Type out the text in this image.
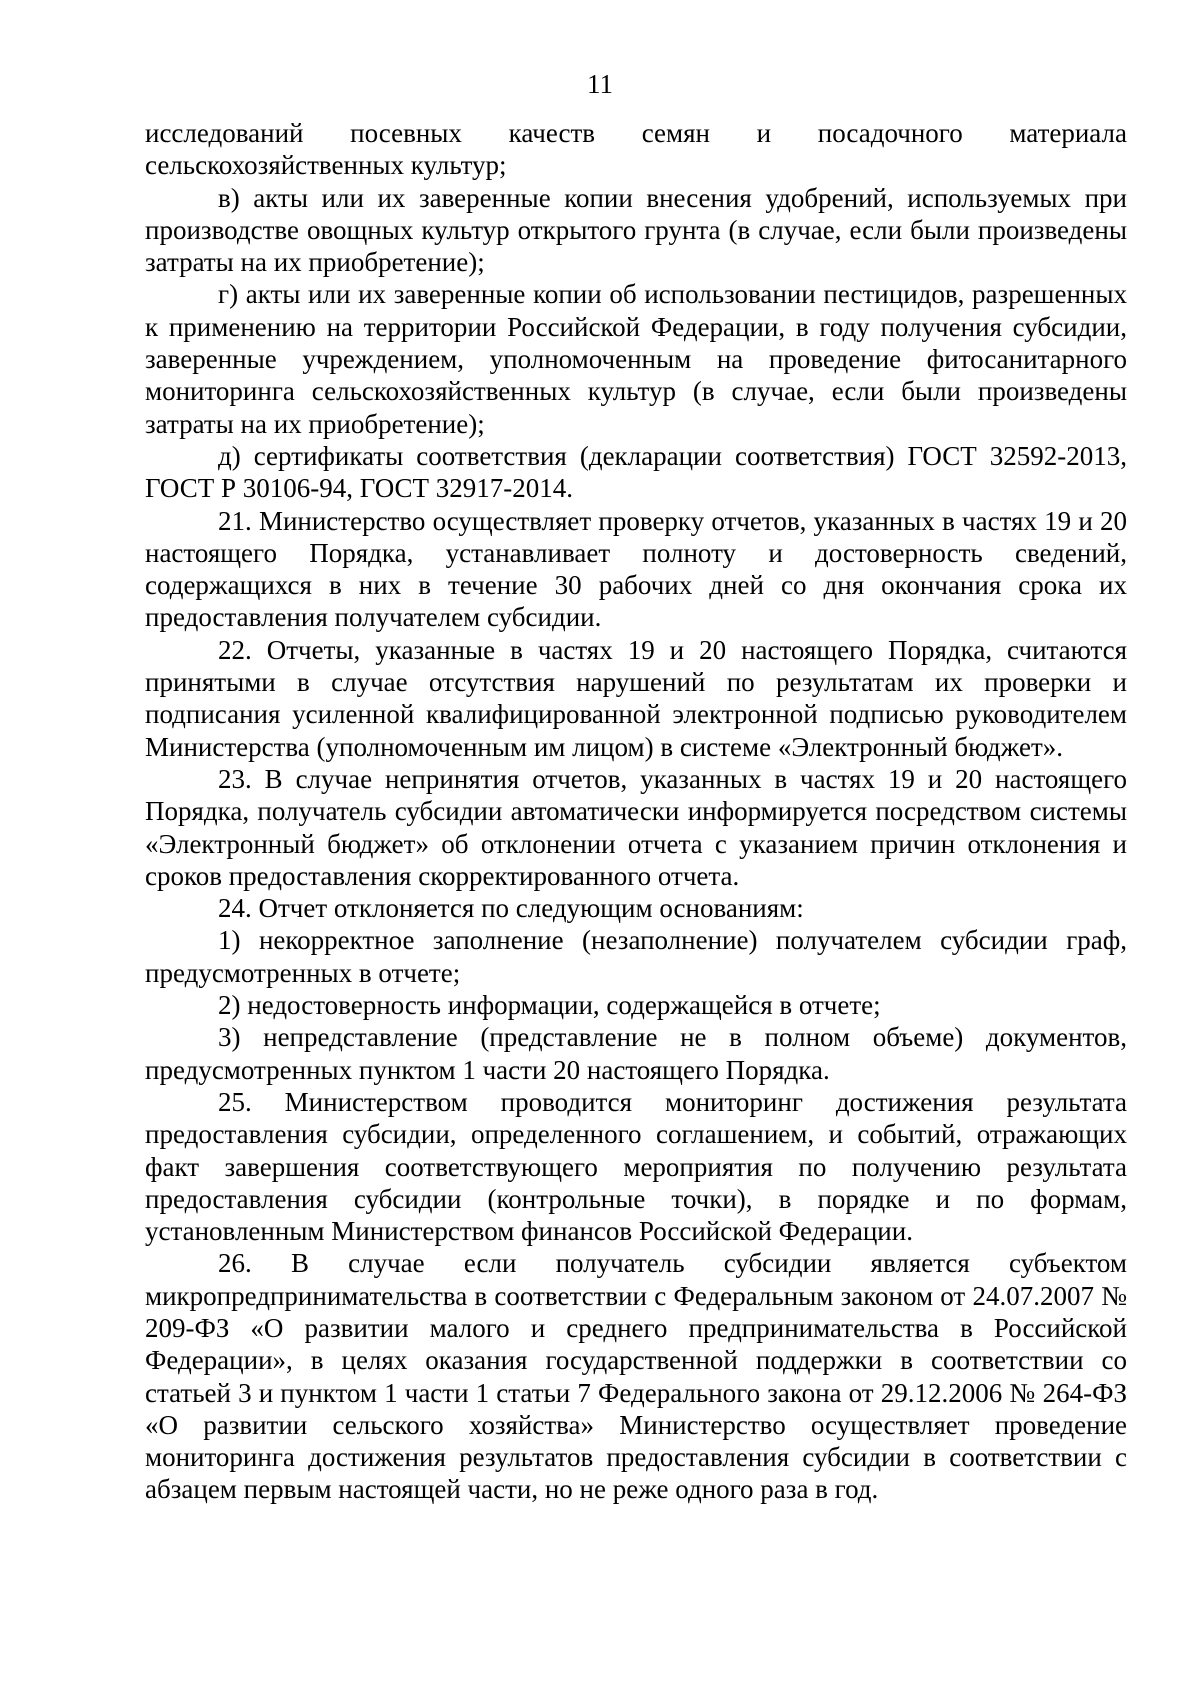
11

исследований посевных качеств семян и посадочного материала сельскохозяйственных культур;

в) акты или их заверенные копии внесения удобрений, используемых при производстве овощных культур открытого грунта (в случае, если были произведены затраты на их приобретение);

г) акты или их заверенные копии об использовании пестицидов, разрешенных к применению на территории Российской Федерации, в году получения субсидии, заверенные учреждением, уполномоченным на проведение фитосанитарного мониторинга сельскохозяйственных культур (в случае, если были произведены затраты на их приобретение);

д) сертификаты соответствия (декларации соответствия) ГОСТ 32592-2013, ГОСТ Р 30106-94, ГОСТ 32917-2014.

21. Министерство осуществляет проверку отчетов, указанных в частях 19 и 20 настоящего Порядка, устанавливает полноту и достоверность сведений, содержащихся в них в течение 30 рабочих дней со дня окончания срока их предоставления получателем субсидии.

22. Отчеты, указанные в частях 19 и 20 настоящего Порядка, считаются принятыми в случае отсутствия нарушений по результатам их проверки и подписания усиленной квалифицированной электронной подписью руководителем Министерства (уполномоченным им лицом) в системе «Электронный бюджет».

23. В случае непринятия отчетов, указанных в частях 19 и 20 настоящего Порядка, получатель субсидии автоматически информируется посредством системы «Электронный бюджет» об отклонении отчета с указанием причин отклонения и сроков предоставления скорректированного отчета.

24. Отчет отклоняется по следующим основаниям:

1) некорректное заполнение (незаполнение) получателем субсидии граф, предусмотренных в отчете;

2) недостоверность информации, содержащейся в отчете;

3) непредставление (представление не в полном объеме) документов, предусмотренных пунктом 1 части 20 настоящего Порядка.

25. Министерством проводится мониторинг достижения результата предоставления субсидии, определенного соглашением, и событий, отражающих факт завершения соответствующего мероприятия по получению результата предоставления субсидии (контрольные точки), в порядке и по формам, установленным Министерством финансов Российской Федерации.

26. В случае если получатель субсидии является субъектом микропредпринимательства в соответствии с Федеральным законом от 24.07.2007 № 209-ФЗ «О развитии малого и среднего предпринимательства в Российской Федерации», в целях оказания государственной поддержки в соответствии со статьей 3 и пунктом 1 части 1 статьи 7 Федерального закона от 29.12.2006 № 264-ФЗ «О развитии сельского хозяйства» Министерство осуществляет проведение мониторинга достижения результатов предоставления субсидии в соответствии с абзацем первым настоящей части, но не реже одного раза в год.
